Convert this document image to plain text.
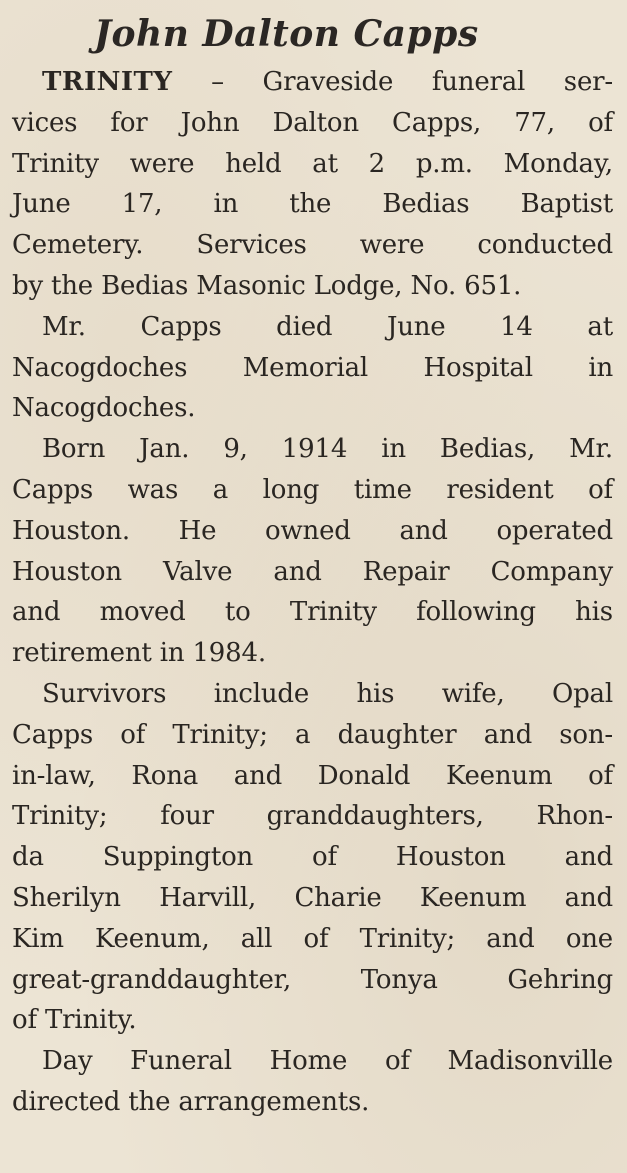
John Dalton Capps
TRINITY – Graveside funeral ser-
vices for John Dalton Capps, 77, of
Trinity were held at 2 p.m. Monday,
June 17, in the Bedias Baptist
Cemetery. Services were conducted
by
the
Bedias
Masonic
Lodge,
No.
651.
Mr. Capps died June 14 at
Nacogdoches Memorial Hospital in
Nacogdoches.
Born Jan. 9, 1914 in Bedias, Mr.
Capps was a long time resident of
Houston. He owned and operated
Houston Valve and Repair Company
and moved to Trinity following his
retirement
in
1984.
Survivors include his wife, Opal
Capps of Trinity; a daughter and son-
in-law, Rona and Donald Keenum of
Trinity; four granddaughters, Rhon-
da Suppington of Houston and
Sherilyn Harvill, Charie Keenum and
Kim Keenum, all of Trinity; and one
great-granddaughter,	Tonya	Gehring
of
Trinity.
Day Funeral Home of Madisonville
directed
the
arrangements.
